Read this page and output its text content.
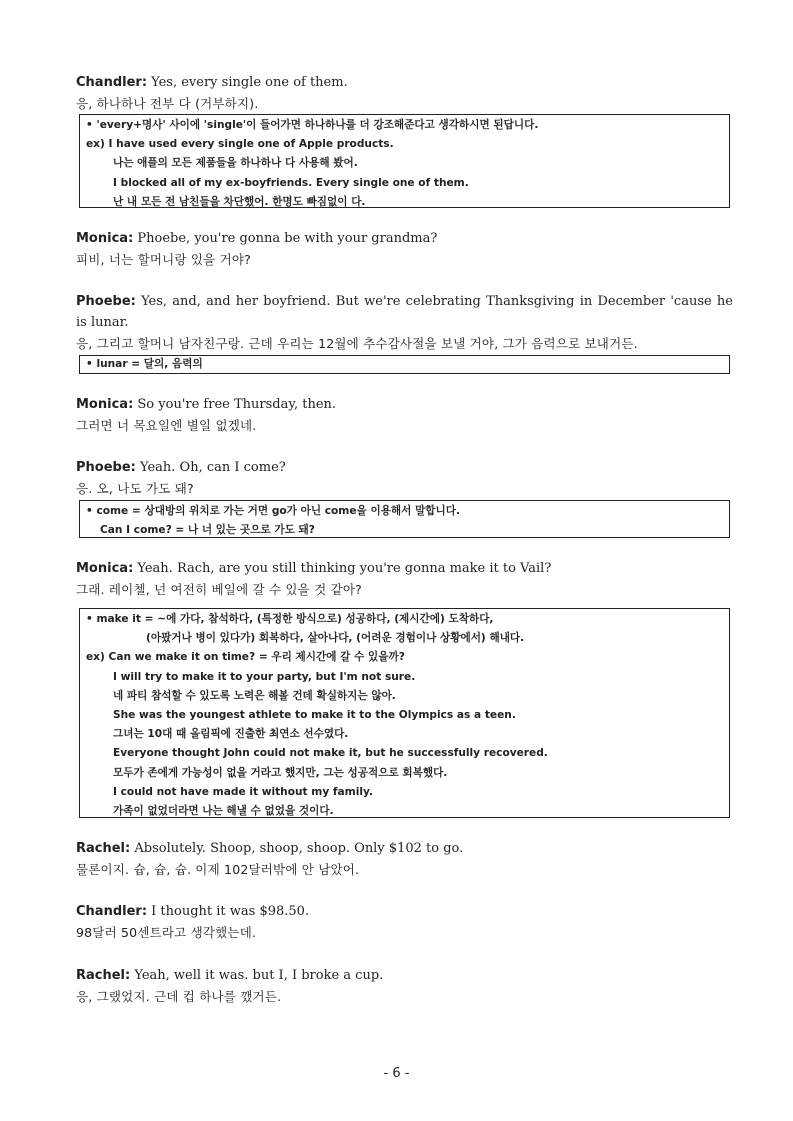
Chandler: Yes, every single one of them.
응, 하나하나 전부 다 (거부하지).
• 'every+명사' 사이에 'single'이 들어가면 하나하나를 더 강조해준다고 생각하시면 된답니다.
ex) I have used every single one of Apple products.
나는 애플의 모든 제품들을 하나하나 다 사용해 봤어.
I blocked all of my ex-boyfriends. Every single one of them.
난 내 모든 전 남친들을 차단했어. 한명도 빠짐없이 다.
Monica: Phoebe, you're gonna be with your grandma?
피비, 너는 할머니랑 있을 거야?
Phoebe: Yes, and, and her boyfriend. But we're celebrating Thanksgiving in December 'cause he is lunar.
응, 그리고 할머니 남자친구랑. 근데 우리는 12월에 추수감사절을 보낼 거야, 그가 음력으로 보내거든.
• lunar = 달의, 음력의
Monica: So you're free Thursday, then.
그러면 너 목요일엔 별일 없겠네.
Phoebe: Yeah. Oh, can I come?
응. 오, 나도 가도 돼?
• come = 상대방의 위치로 가는 거면 go가 아닌 come을 이용해서 말합니다.
Can I come? = 나 너 있는 곳으로 가도 돼?
Monica: Yeah. Rach, are you still thinking you're gonna make it to Vail?
그래. 레이첼, 넌 여전히 베일에 갈 수 있을 것 같아?
• make it = ~에 가다, 참석하다, (특정한 방식으로) 성공하다, (제시간에) 도착하다,
(아팠거나 병이 있다가) 회복하다, 살아나다, (어려운 경험이나 상황에서) 해내다.
ex) Can we make it on time? = 우리 제시간에 갈 수 있을까?
I will try to make it to your party, but I'm not sure.
네 파티 참석할 수 있도록 노력은 해볼 건데 확실하지는 않아.
She was the youngest athlete to make it to the Olympics as a teen.
그녀는 10대 때 올림픽에 진출한 최연소 선수였다.
Everyone thought John could not make it, but he successfully recovered.
모두가 존에게 가능성이 없을 거라고 했지만, 그는 성공적으로 회복했다.
I could not have made it without my family.
가족이 없었더라면 나는 해낼 수 없었을 것이다.
Rachel: Absolutely. Shoop, shoop, shoop. Only $102 to go.
물론이지. 슙, 슙, 슙. 이제 102달러밖에 안 남았어.
Chandler: I thought it was $98.50.
98달러 50센트라고 생각했는데.
Rachel: Yeah, well it was. but I, I broke a cup.
응, 그랬었지. 근데 컵 하나를 깼거든.
- 6 -
